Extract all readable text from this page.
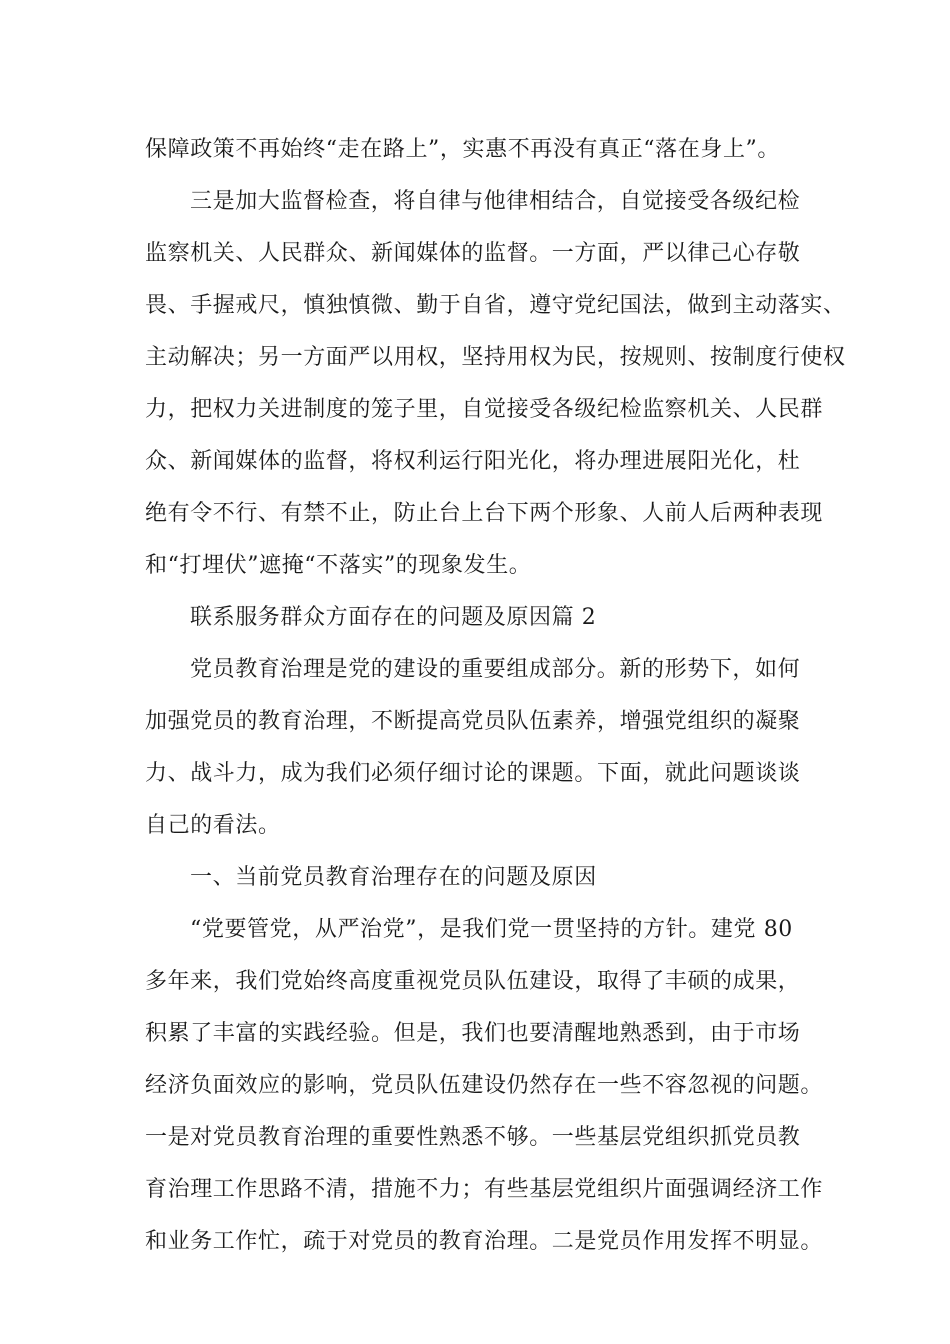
保障政策不再始终“走在路上”，实惠不再没有真正“落在身上”。
三是加大监督检查，将自律与他律相结合，自觉接受各级纪检
监察机关、人民群众、新闻媒体的监督。一方面，严以律己心存敬
畏、手握戒尺，慎独慎微、勤于自省，遵守党纪国法，做到主动落实、
主动解决；另一方面严以用权，坚持用权为民，按规则、按制度行使权
力，把权力关进制度的笼子里，自觉接受各级纪检监察机关、人民群
众、新闻媒体的监督，将权利运行阳光化，将办理进展阳光化，杜
绝有令不行、有禁不止，防止台上台下两个形象、人前人后两种表现
和“打埋伏”遮掩“不落实”的现象发生。
联系服务群众方面存在的问题及原因篇 2
党员教育治理是党的建设的重要组成部分。新的形势下，如何
加强党员的教育治理，不断提高党员队伍素养，增强党组织的凝聚
力、战斗力，成为我们必须仔细讨论的课题。下面，就此问题谈谈
自己的看法。
一、当前党员教育治理存在的问题及原因
“党要管党，从严治党”，是我们党一贯坚持的方针。建党 80
多年来，我们党始终高度重视党员队伍建设，取得了丰硕的成果，
积累了丰富的实践经验。但是，我们也要清醒地熟悉到，由于市场
经济负面效应的影响，党员队伍建设仍然存在一些不容忽视的问题。
一是对党员教育治理的重要性熟悉不够。一些基层党组织抓党员教
育治理工作思路不清，措施不力；有些基层党组织片面强调经济工作
和业务工作忙，疏于对党员的教育治理。二是党员作用发挥不明显。
